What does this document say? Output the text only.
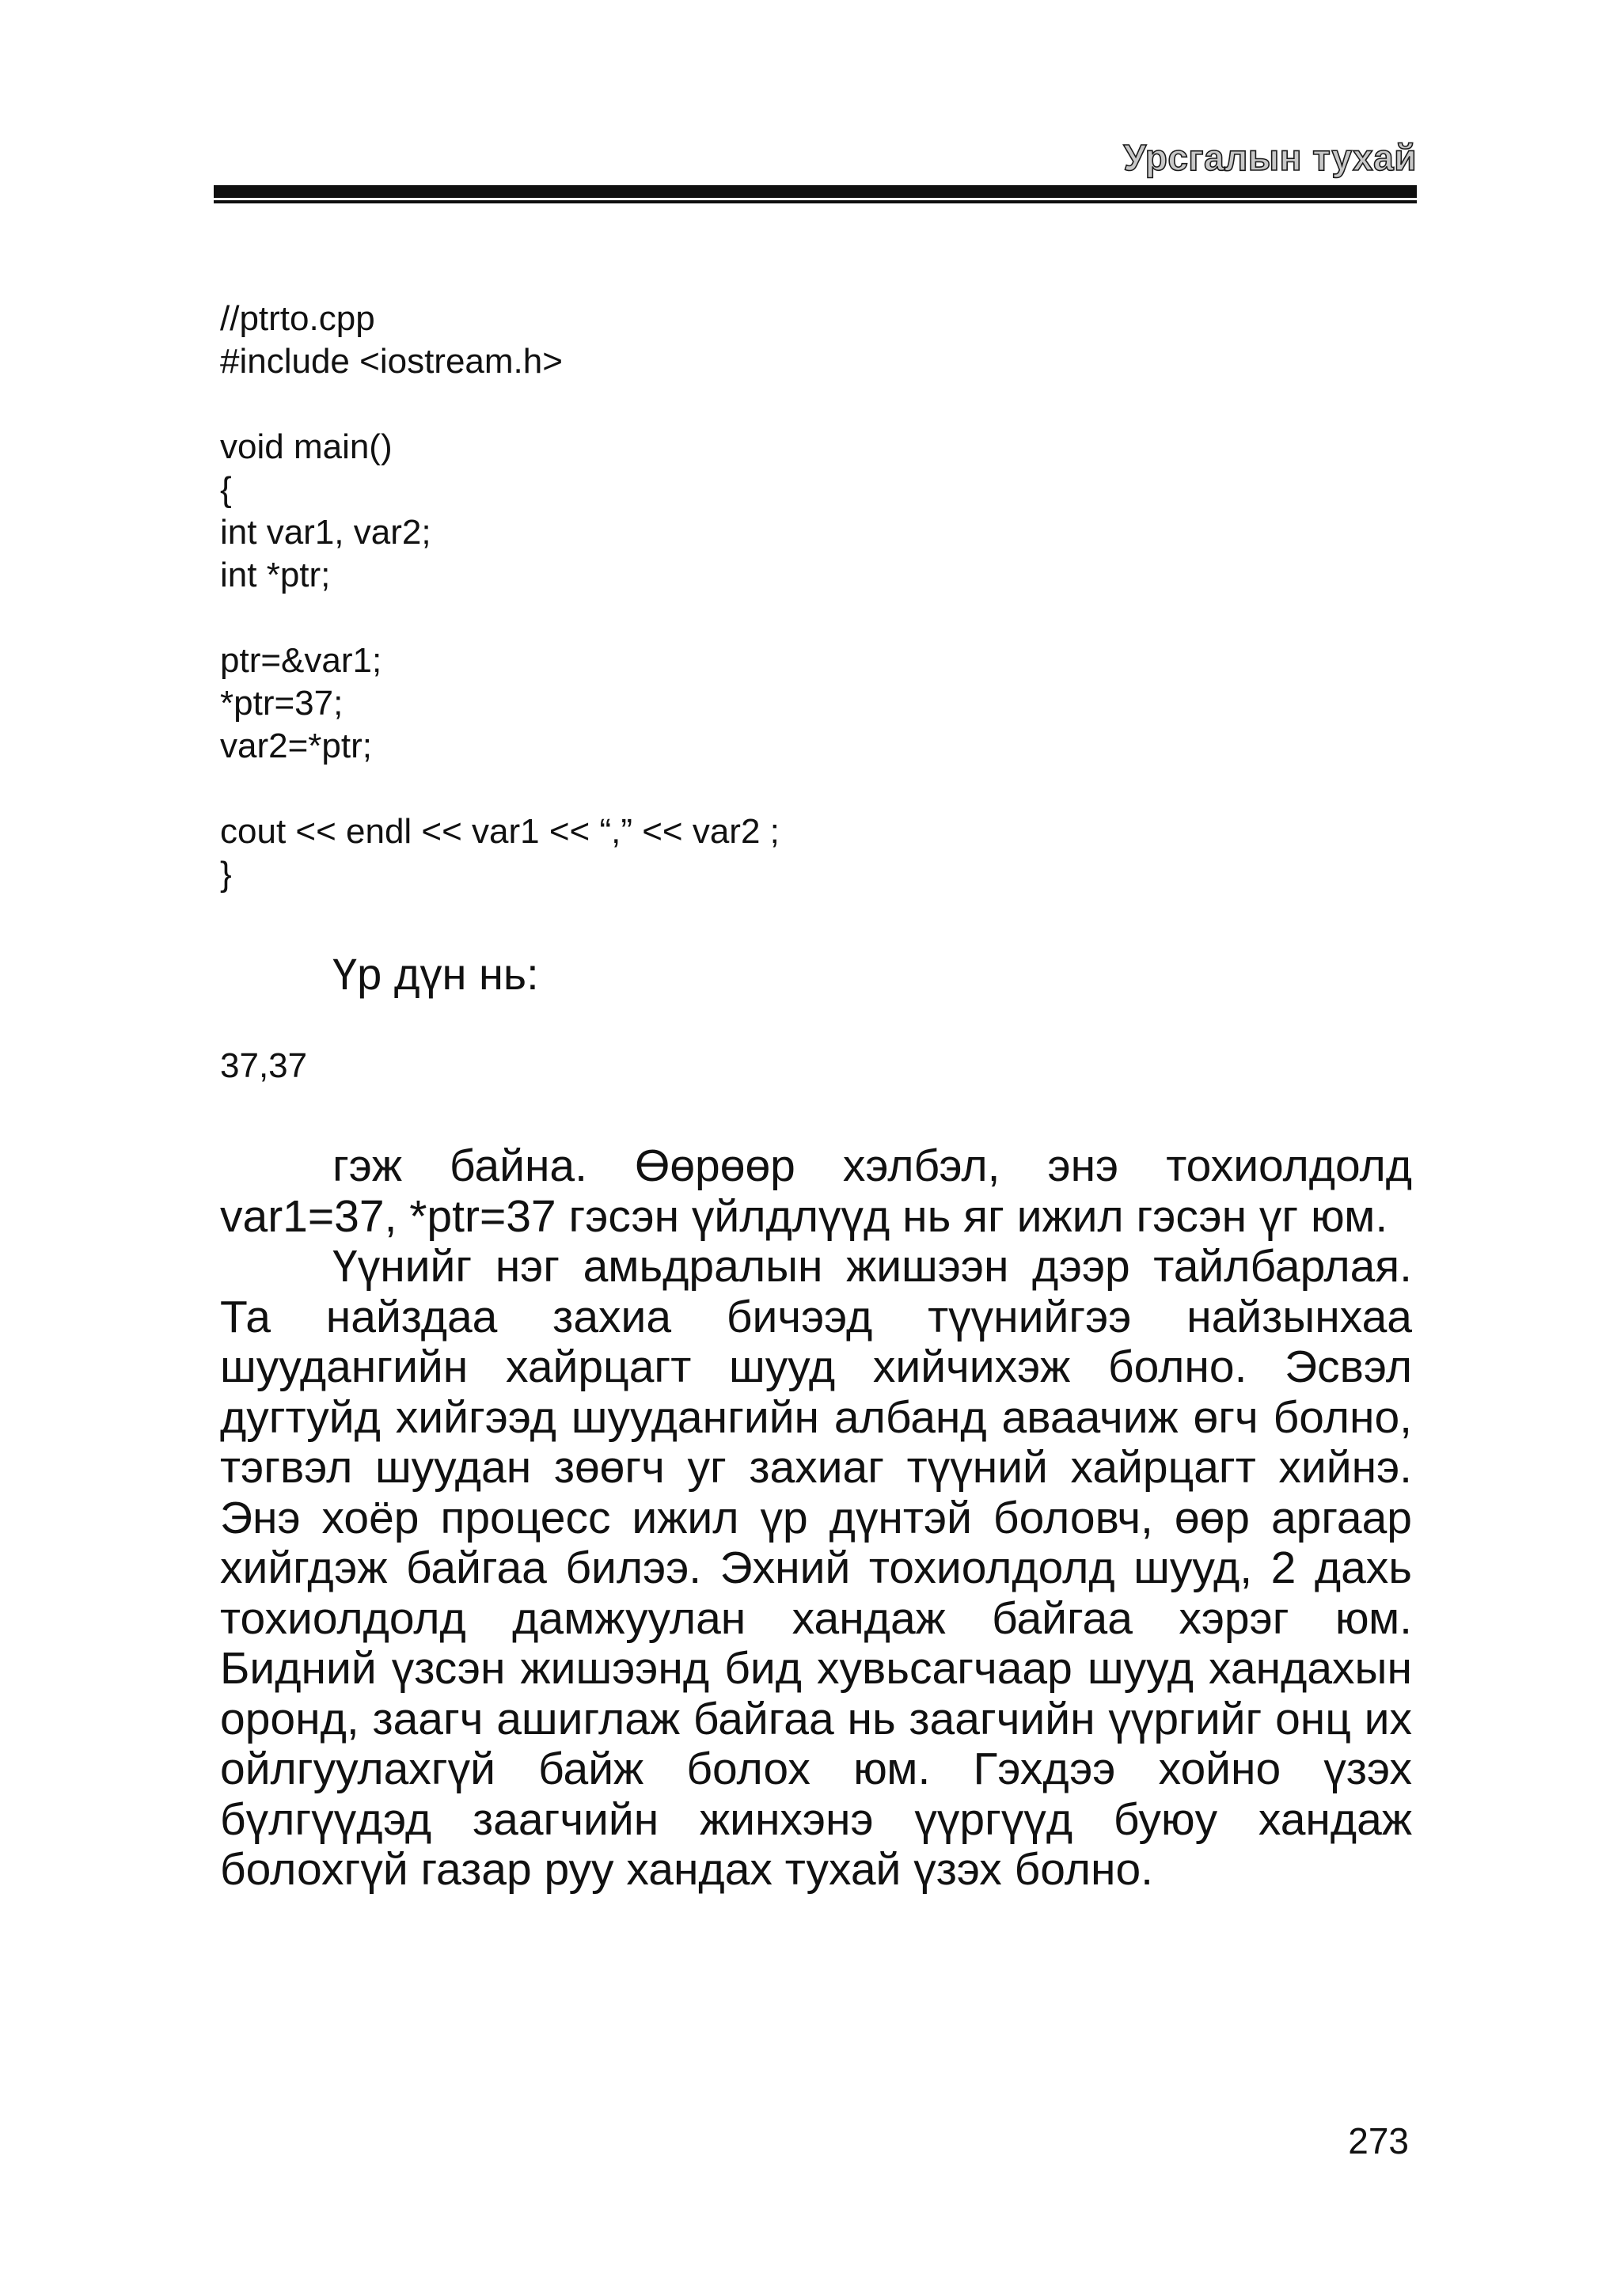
Урсгалын тухай
//ptrto.cpp
#include <iostream.h>
void main()
{
int var1, var2;
int *ptr;
ptr=&var1;
*ptr=37;
var2=*ptr;
cout << endl << var1 << “,” << var2 ;
}
Үр дүн нь:
37,37

гэж байна. Өөрөөр хэлбэл, энэ тохиолдолд var1=37, *ptr=37 гэсэн үйлдлүүд нь яг ижил гэсэн үг юм.

Үүнийг нэг амьдралын жишээн дээр тайлбарлая. Та найздаа захиа бичээд түүнийгээ найзынхаа шуудангийн хайрцагт шууд хийчихэж болно. Эсвэл дугтуйд хийгээд шуудангийн албанд аваачиж өгч болно, тэгвэл шуудан зөөгч уг захиаг түүний хайрцагт хийнэ. Энэ хоёр процесс ижил үр дүнтэй боловч, өөр аргаар хийгдэж байгаа билээ. Эхний тохиолдолд шууд, 2 дахь тохиолдолд дамжуулан хандаж байгаа хэрэг юм. Бидний үзсэн жишээнд бид хувьсагчаар шууд хандахын оронд, заагч ашиглаж байгаа нь заагчийн үүргийг онц их ойлгуулахгүй байж болох юм. Гэхдээ хойно үзэх бүлгүүдэд заагчийн жинхэнэ үүргүүд буюу хандаж болохгүй газар руу хандах тухай үзэх болно.

273
